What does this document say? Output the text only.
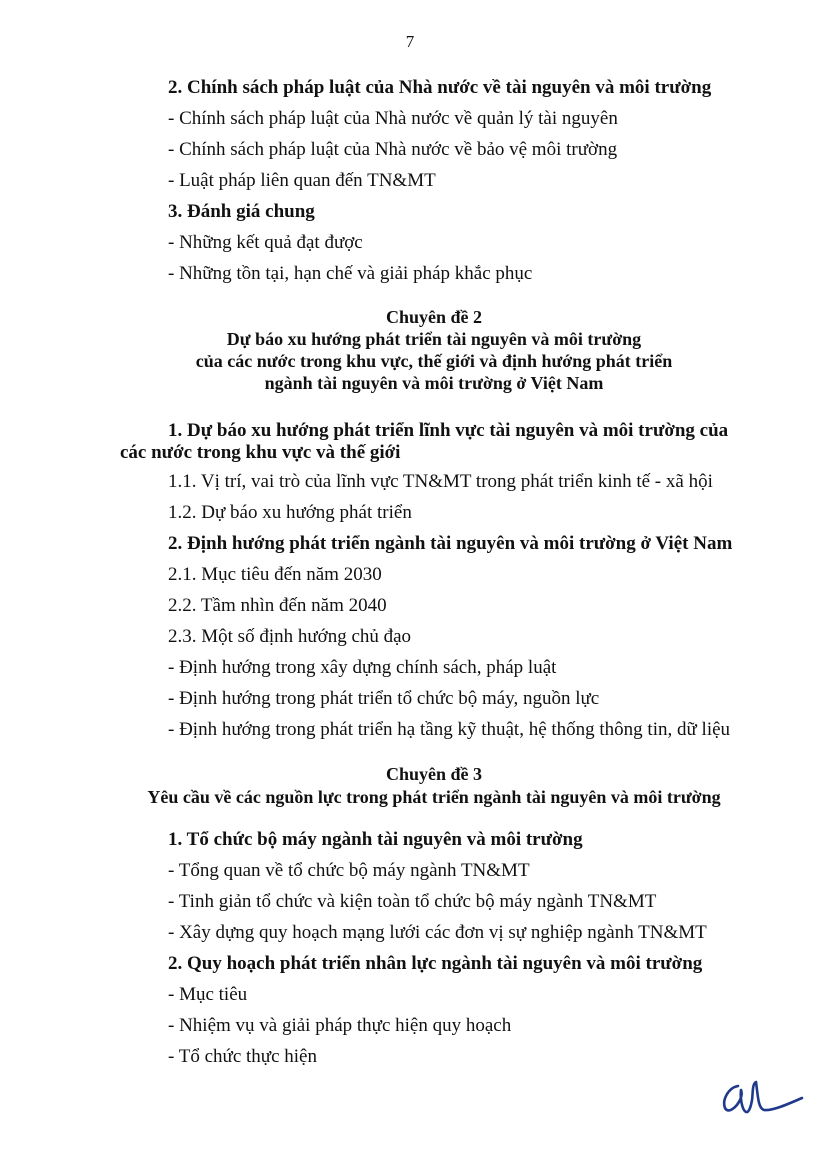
7
2. Chính sách pháp luật của Nhà nước về tài nguyên và môi trường
- Chính sách pháp luật của Nhà nước về quản lý tài nguyên
- Chính sách pháp luật của Nhà nước về bảo vệ môi trường
- Luật pháp liên quan đến TN&MT
3. Đánh giá chung
- Những kết quả đạt được
- Những tồn tại, hạn chế và giải pháp khắc phục
Chuyên đề 2
Dự báo xu hướng phát triển tài nguyên và môi trường
của các nước trong khu vực, thế giới và định hướng phát triển
ngành tài nguyên và môi trường ở Việt Nam
1. Dự báo xu hướng phát triển lĩnh vực tài nguyên và môi trường của các nước trong khu vực và thế giới
1.1. Vị trí, vai trò của lĩnh vực TN&MT trong phát triển kinh tế - xã hội
1.2. Dự báo xu hướng phát triển
2. Định hướng phát triển ngành tài nguyên và môi trường ở Việt Nam
2.1. Mục tiêu đến năm 2030
2.2. Tầm nhìn đến năm 2040
2.3. Một số định hướng chủ đạo
- Định hướng trong xây dựng chính sách, pháp luật
- Định hướng trong phát triển tổ chức bộ máy, nguồn lực
- Định hướng trong phát triển hạ tầng kỹ thuật, hệ thống thông tin, dữ liệu
Chuyên đề 3
Yêu cầu về các nguồn lực trong phát triển ngành tài nguyên và môi trường
1. Tổ chức bộ máy ngành tài nguyên và môi trường
- Tổng quan về tổ chức bộ máy ngành TN&MT
- Tinh giản tổ chức và kiện toàn tổ chức bộ máy ngành TN&MT
- Xây dựng quy hoạch mạng lưới các đơn vị sự nghiệp ngành TN&MT
2. Quy hoạch phát triển nhân lực ngành tài nguyên và môi trường
- Mục tiêu
- Nhiệm vụ và giải pháp thực hiện quy hoạch
- Tổ chức thực hiện
